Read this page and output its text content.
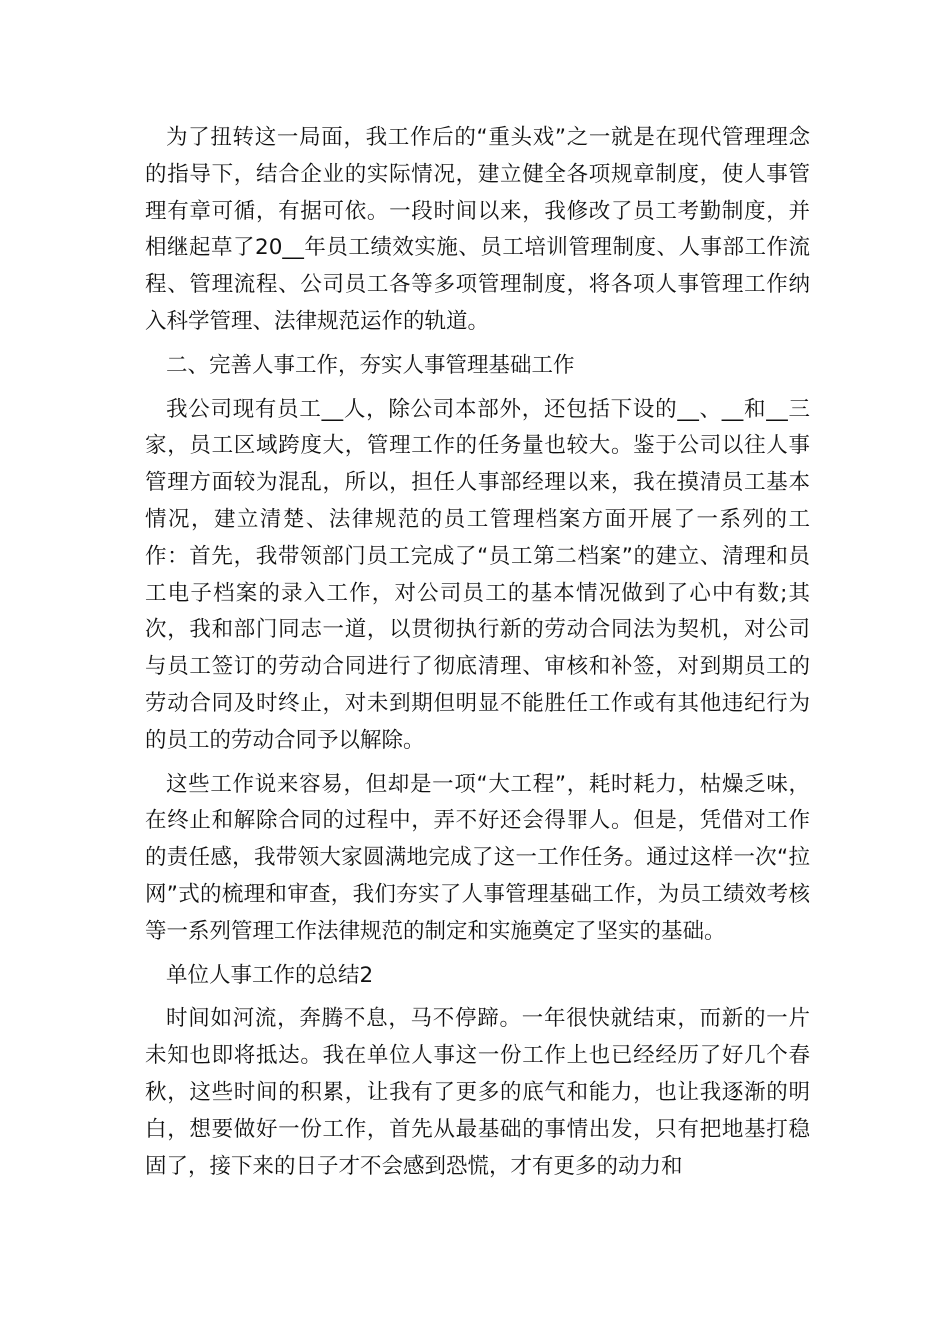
为了扭转这一局面，我工作后的“重头戏”之一就是在现代管理理念的指导下，结合企业的实际情况，建立健全各项规章制度，使人事管理有章可循，有据可依。一段时间以来，我修改了员工考勤制度，并相继起草了20__年员工绩效实施、员工培训管理制度、人事部工作流程、管理流程、公司员工各等多项管理制度，将各项人事管理工作纳入科学管理、法律规范运作的轨道。

二、完善人事工作，夯实人事管理基础工作

我公司现有员工__人，除公司本部外，还包括下设的__、__和__三家，员工区域跨度大，管理工作的任务量也较大。鉴于公司以往人事管理方面较为混乱，所以，担任人事部经理以来，我在摸清员工基本情况，建立清楚、法律规范的员工管理档案方面开展了一系列的工作：首先，我带领部门员工完成了“员工第二档案”的建立、清理和员工电子档案的录入工作，对公司员工的基本情况做到了心中有数;其次，我和部门同志一道，以贯彻执行新的劳动合同法为契机，对公司与员工签订的劳动合同进行了彻底清理、审核和补签，对到期员工的劳动合同及时终止，对未到期但明显不能胜任工作或有其他违纪行为的员工的劳动合同予以解除。

这些工作说来容易，但却是一项“大工程”，耗时耗力，枯燥乏味，在终止和解除合同的过程中，弄不好还会得罪人。但是，凭借对工作的责任感，我带领大家圆满地完成了这一工作任务。通过这样一次“拉网”式的梳理和审查，我们夯实了人事管理基础工作，为员工绩效考核等一系列管理工作法律规范的制定和实施奠定了坚实的基础。

单位人事工作的总结2

时间如河流，奔腾不息，马不停蹄。一年很快就结束，而新的一片未知也即将抵达。我在单位人事这一份工作上也已经经历了好几个春秋，这些时间的积累，让我有了更多的底气和能力，也让我逐渐的明白，想要做好一份工作，首先从最基础的事情出发，只有把地基打稳固了，接下来的日子才不会感到恐慌，才有更多的动力和
